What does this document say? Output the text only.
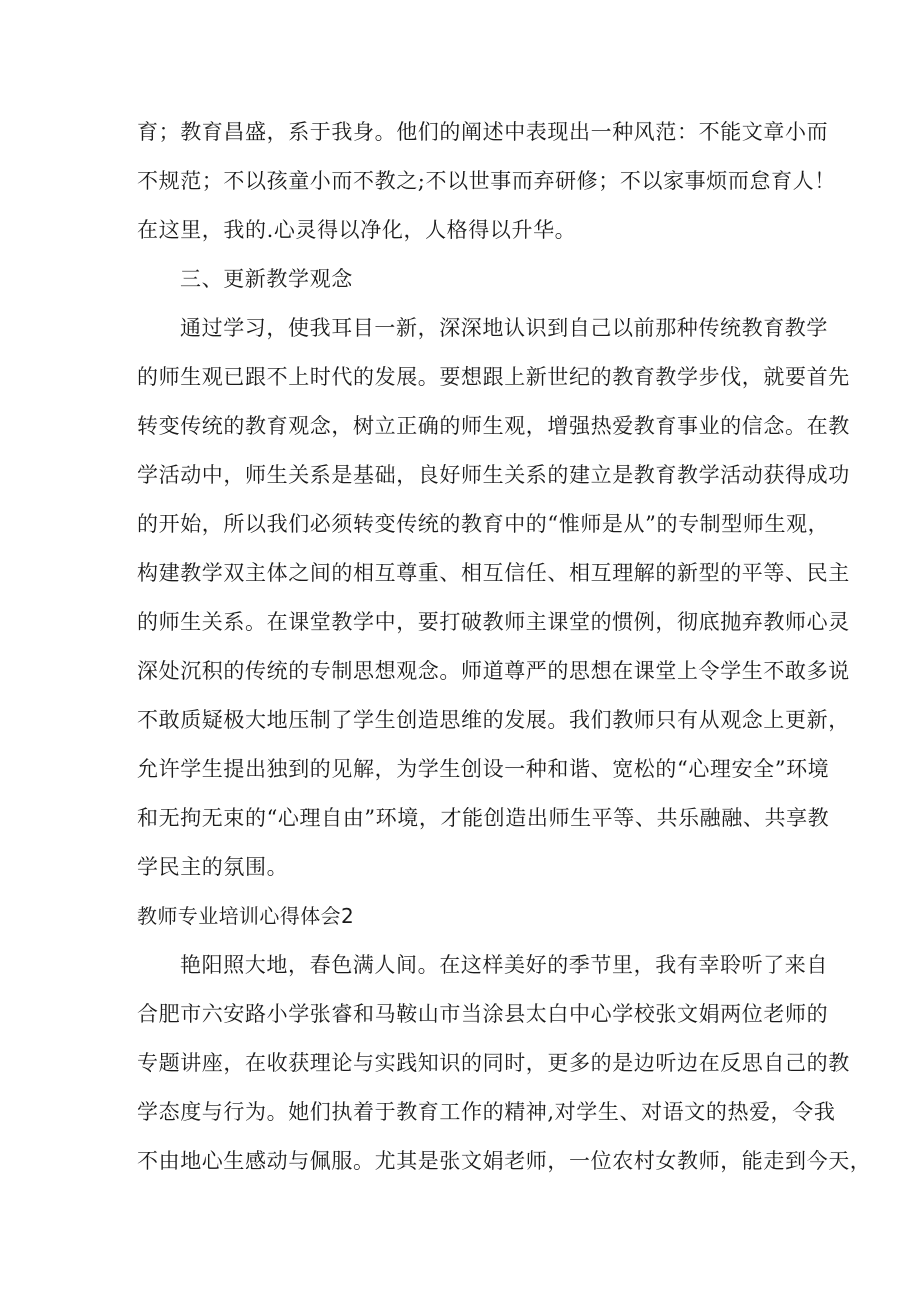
育；教育昌盛，系于我身。他们的阐述中表现出一种风范：不能文章小而
不规范；不以孩童小而不教之;不以世事而弃研修；不以家事烦而怠育人！
在这里，我的.心灵得以净化，人格得以升华。
三、更新教学观念
通过学习，使我耳目一新，深深地认识到自己以前那种传统教育教学
的师生观已跟不上时代的发展。要想跟上新世纪的教育教学步伐，就要首先
转变传统的教育观念，树立正确的师生观，增强热爱教育事业的信念。在教
学活动中，师生关系是基础，良好师生关系的建立是教育教学活动获得成功
的开始，所以我们必须转变传统的教育中的“惟师是从”的专制型师生观，
构建教学双主体之间的相互尊重、相互信任、相互理解的新型的平等、民主
的师生关系。在课堂教学中，要打破教师主课堂的惯例，彻底抛弃教师心灵
深处沉积的传统的专制思想观念。师道尊严的思想在课堂上令学生不敢多说
不敢质疑极大地压制了学生创造思维的发展。我们教师只有从观念上更新，
允许学生提出独到的见解，为学生创设一种和谐、宽松的“心理安全”环境
和无拘无束的“心理自由”环境，才能创造出师生平等、共乐融融、共享教
学民主的氛围。
教师专业培训心得体会2
艳阳照大地，春色满人间。在这样美好的季节里，我有幸聆听了来自
合肥市六安路小学张睿和马鞍山市当涂县太白中心学校张文娟两位老师的
专题讲座，在收获理论与实践知识的同时，更多的是边听边在反思自己的教
学态度与行为。她们执着于教育工作的精神,对学生、对语文的热爱，令我
不由地心生感动与佩服。尤其是张文娟老师，一位农村女教师，能走到今天，
